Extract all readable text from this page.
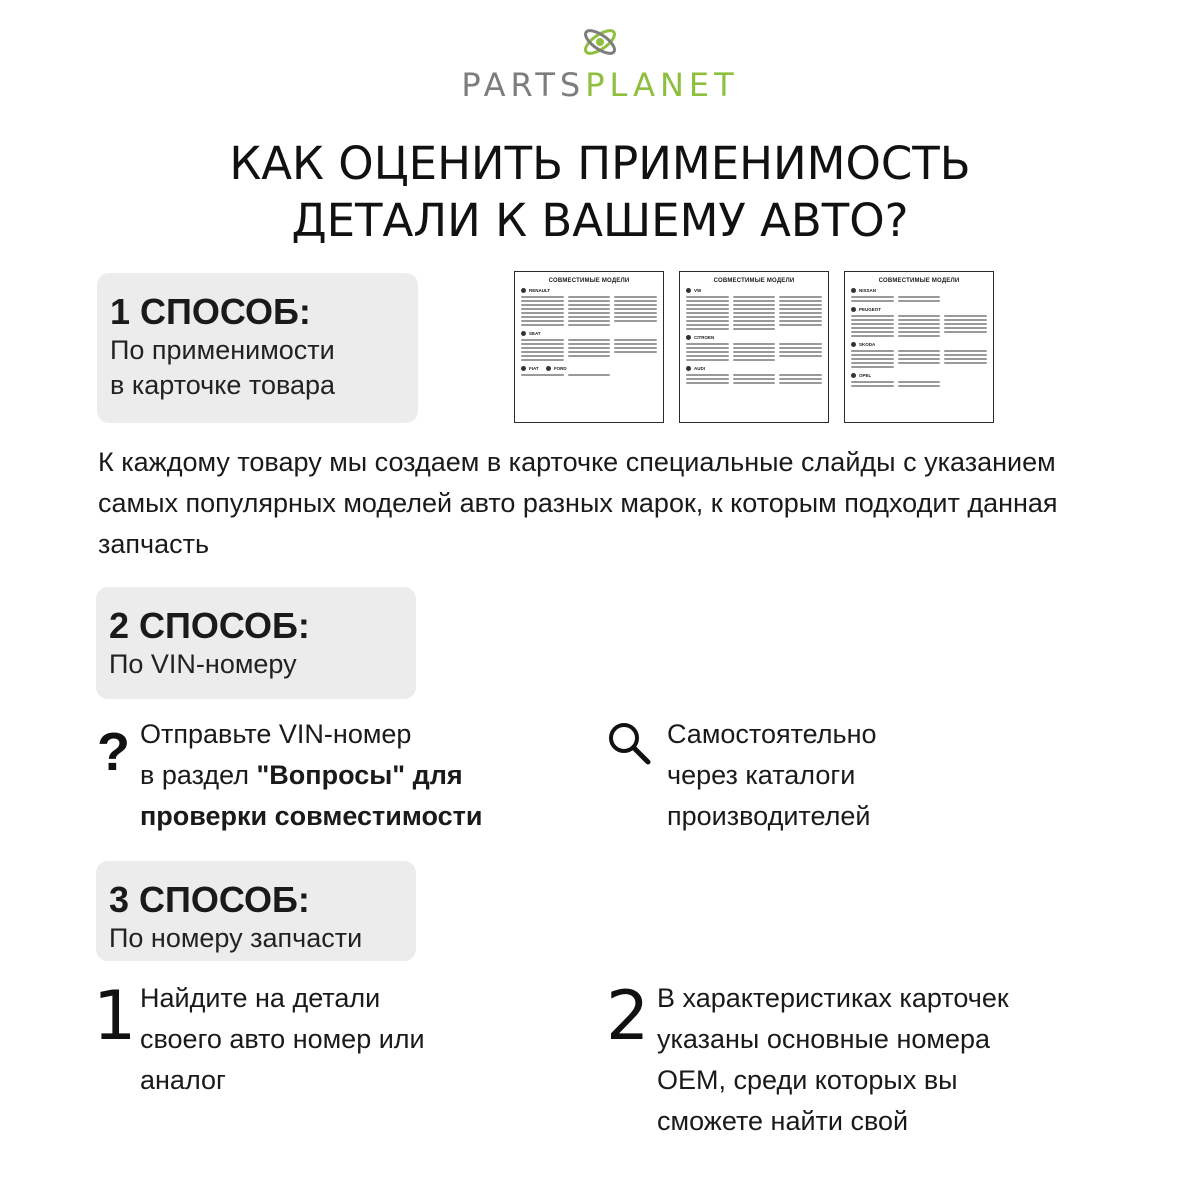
PARTSPLANET
КАК ОЦЕНИТЬ ПРИМЕНИМОСТЬ
ДЕТАЛИ К ВАШЕМУ АВТО?
1 СПОСОБ:
По применимости
в карточке товара
СОВМЕСТИМЫЕ МОДЕЛИ
RENAULT
SEAT
FIAT
	FORD
СОВМЕСТИМЫЕ МОДЕЛИ
VW
CITROEN
AUDI
СОВМЕСТИМЫЕ МОДЕЛИ
NISSAN
PEUGEOT
SKODA
OPEL

К каждому товару мы создаем в карточке специальные слайды с указанием самых популярных моделей авто разных марок, к которым подходит данная запчасть

2 СПОСОБ:
По VIN-номеру
? Отправьте VIN-номер
в раздел "Вопросы" для
проверки совместимости
Самостоятельно
через каталоги
производителей
3 СПОСОБ:
По номеру запчасти
1 Найдите на детали
своего авто номер или
аналог
2 В характеристиках карточек
указаны основные номера
OEM, среди которых вы
сможете найти свой
